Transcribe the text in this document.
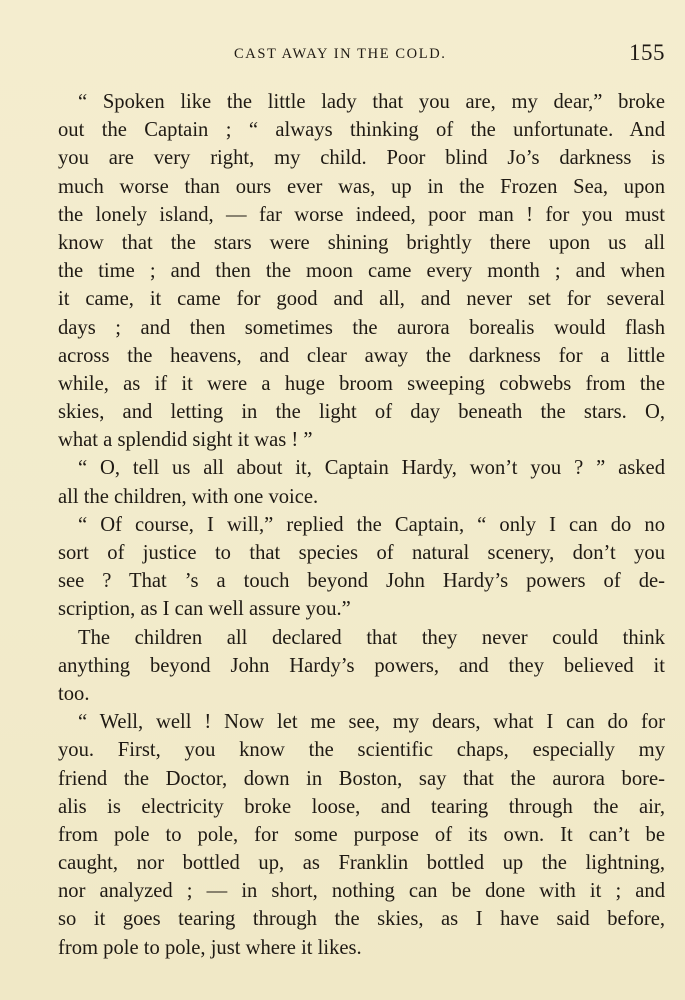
CAST AWAY IN THE COLD.	155
“ Spoken like the little lady that you are, my dear,” broke
out the Captain ; “ always thinking of the unfortunate. And
you are very right, my child. Poor blind Jo’s darkness is
much worse than ours ever was, up in the Frozen Sea, upon
the lonely island, — far worse indeed, poor man ! for you must
know that the stars were shining brightly there upon us all
the time ; and then the moon came every month ; and when
it came, it came for good and all, and never set for several
days ; and then sometimes the aurora borealis would flash
across the heavens, and clear away the darkness for a little
while, as if it were a huge broom sweeping cobwebs from the
skies, and letting in the light of day beneath the stars. O,
what a splendid sight it was ! ”
“ O, tell us all about it, Captain Hardy, won’t you ? ” asked
all the children, with one voice.
“ Of course, I will,” replied the Captain, “ only I can do no
sort of justice to that species of natural scenery, don’t you
see ? That ’s a touch beyond John Hardy’s powers of de-
scription, as I can well assure you.”
The children all declared that they never could think
anything beyond John Hardy’s powers, and they believed it
too.
“ Well, well ! Now let me see, my dears, what I can do for
you. First, you know the scientific chaps, especially my
friend the Doctor, down in Boston, say that the aurora bore-
alis is electricity broke loose, and tearing through the air,
from pole to pole, for some purpose of its own. It can’t be
caught, nor bottled up, as Franklin bottled up the lightning,
nor analyzed ; — in short, nothing can be done with it ; and
so it goes tearing through the skies, as I have said before,
from pole to pole, just where it likes.
